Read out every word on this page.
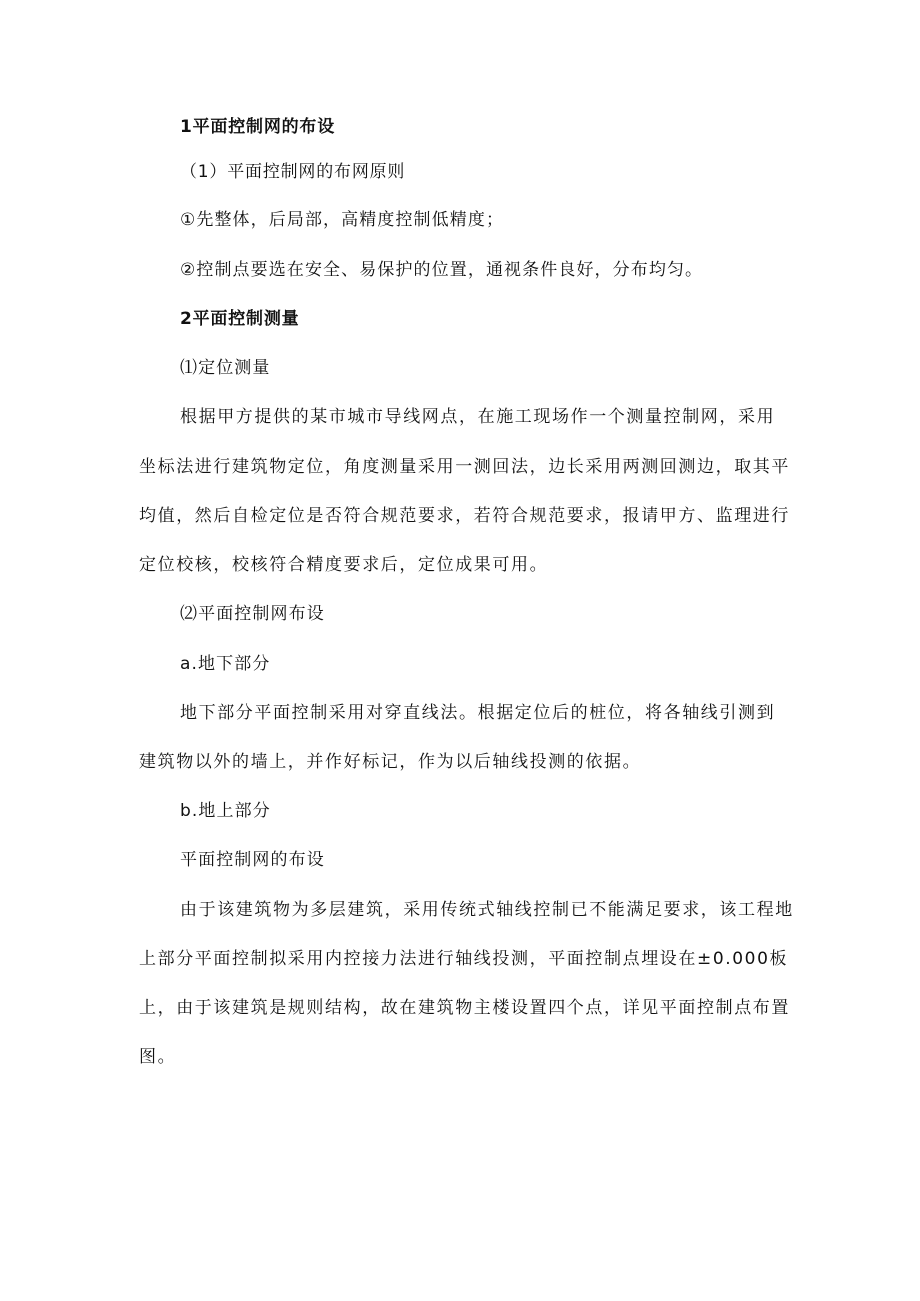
1平面控制网的布设
（1）平面控制网的布网原则
①先整体，后局部，高精度控制低精度；
②控制点要选在安全、易保护的位置，通视条件良好，分布均匀。
2平面控制测量
⑴定位测量
根据甲方提供的某市城市导线网点，在施工现场作一个测量控制网，采用
坐标法进行建筑物定位，角度测量采用一测回法，边长采用两测回测边，取其平
均值，然后自检定位是否符合规范要求，若符合规范要求，报请甲方、监理进行
定位校核，校核符合精度要求后，定位成果可用。
⑵平面控制网布设
a.地下部分
地下部分平面控制采用对穿直线法。根据定位后的桩位，将各轴线引测到
建筑物以外的墙上，并作好标记，作为以后轴线投测的依据。
b.地上部分
平面控制网的布设
由于该建筑物为多层建筑，采用传统式轴线控制已不能满足要求，该工程地
上部分平面控制拟采用内控接力法进行轴线投测，平面控制点埋设在±0.000板
上，由于该建筑是规则结构，故在建筑物主楼设置四个点，详见平面控制点布置
图。
